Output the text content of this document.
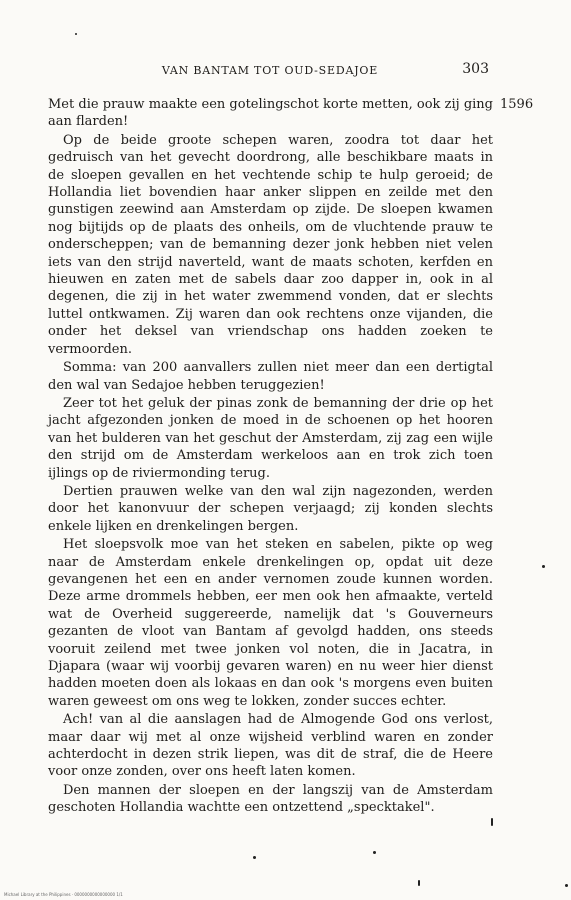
VAN BANTAM TOT OUD-SEDAJOE	303
1596

Met die prauw maakte een gotelingschot korte metten, ook zij ging aan flarden!

Op de beide groote schepen waren, zoodra tot daar het gedruisch van het gevecht doordrong, alle beschikbare maats in de sloepen gevallen en het vechtende schip te hulp geroeid; de Hollandia liet bovendien haar anker slippen en zeilde met den gunstigen zeewind aan Amsterdam op zijde. De sloepen kwamen nog bijtijds op de plaats des onheils, om de vluchtende prauw te onderscheppen; van de bemanning dezer jonk hebben niet velen iets van den strijd naverteld, want de maats schoten, kerfden en hieuwen en zaten met de sabels daar zoo dapper in, ook in al degenen, die zij in het water zwemmend vonden, dat er slechts luttel ontkwamen. Zij waren dan ook rechtens onze vijanden, die onder het deksel van vriendschap ons hadden zoeken te vermoorden.

Somma: van 200 aanvallers zullen niet meer dan een dertigtal den wal van Sedajoe hebben teruggezien!

Zeer tot het geluk der pinas zonk de bemanning der drie op het jacht afgezonden jonken de moed in de schoenen op het hooren van het bulderen van het geschut der Amsterdam, zij zag een wijle den strijd om de Amsterdam werkeloos aan en trok zich toen ijlings op de riviermonding terug.

Dertien prauwen welke van den wal zijn nagezonden, werden door het kanonvuur der schepen verjaagd; zij konden slechts enkele lijken en drenkelingen bergen.

Het sloepsvolk moe van het steken en sabelen, pikte op weg naar de Amsterdam enkele drenkelingen op, opdat uit deze gevangenen het een en ander vernomen zoude kunnen worden. Deze arme drommels hebben, eer men ook hen afmaakte, verteld wat de Overheid suggereerde, namelijk dat 's Gouverneurs gezanten de vloot van Bantam af gevolgd hadden, ons steeds vooruit zeilend met twee jonken vol noten, die in Jacatra, in Djapara (waar wij voorbij gevaren waren) en nu weer hier dienst hadden moeten doen als lokaas en dan ook 's morgens even buiten waren geweest om ons weg te lokken, zonder succes echter.

Ach! van al die aanslagen had de Almogende God ons verlost, maar daar wij met al onze wijsheid verblind waren en zonder achterdocht in dezen strik liepen, was dit de straf, die de Heere voor onze zonden, over ons heeft laten komen.

Den mannen der sloepen en der langszij van de Amsterdam geschoten Hollandia wachtte een ontzettend „specktakel".

Michael Library at the Philippines · 0000000000000000 1/1
